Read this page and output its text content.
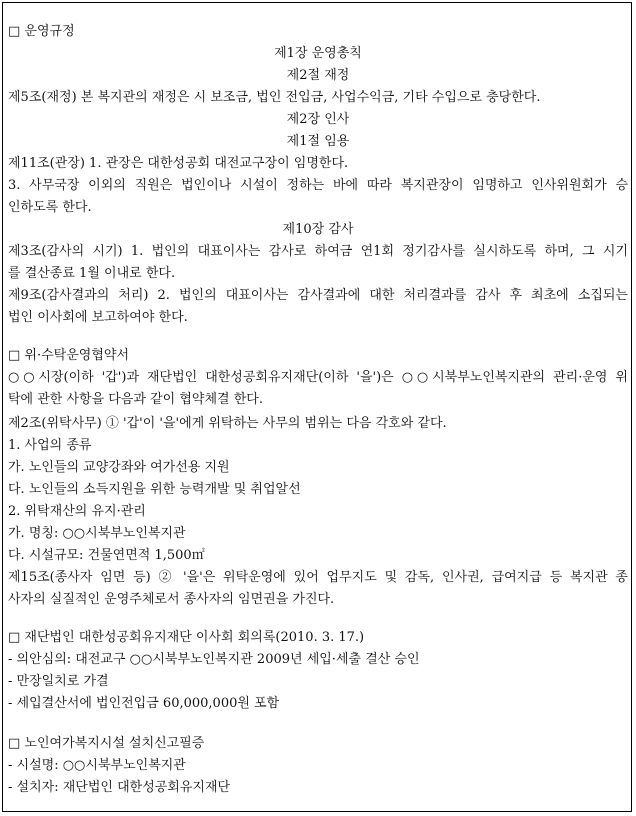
□ 운영규정
제1장 운영총칙
제2절 재정
제5조(재정) 본 복지관의 재정은 시 보조금, 법인 전입금, 사업수익금, 기타 수입으로 충당한다.
제2장 인사
제1절 임용
제11조(관장) 1. 관장은 대한성공회 대전교구장이 임명한다.
3. 사무국장 이외의 직원은 법인이나 시설이 정하는 바에 따라 복지관장이 임명하고 인사위원회가 승
인하도록 한다.
제10장 감사
제3조(감사의 시기) 1. 법인의 대표이사는 감사로 하여금 연1회 정기감사를 실시하도록 하며, 그 시기
를 결산종료 1월 이내로 한다.
제9조(감사결과의 처리) 2. 법인의 대표이사는 감사결과에 대한 처리결과를 감사 후 최초에 소집되는
법인 이사회에 보고하여야 한다.
□ 위·수탁운영협약서
○○시장(이하 '갑')과 재단법인 대한성공회유지재단(이하 '을')은 ○○시북부노인복지관의 관리·운영 위
탁에 관한 사항을 다음과 같이 협약체결 한다.
제2조(위탁사무) ① '갑'이 '을'에게 위탁하는 사무의 범위는 다음 각호와 같다.
1. 사업의 종류
가. 노인들의 교양강좌와 여가선용 지원
다. 노인들의 소득지원을 위한 능력개발 및 취업알선
2. 위탁재산의 유지·관리
가. 명칭: ○○시북부노인복지관
다. 시설규모: 건물연면적 1,500㎡
제15조(종사자 임면 등) ② '을'은 위탁운영에 있어 업무지도 및 감독, 인사권, 급여지급 등 복지관 종
사자의 실질적인 운영주체로서 종사자의 임면권을 가진다.
□ 재단법인 대한성공회유지재단 이사회 회의록(2010. 3. 17.)
- 의안심의: 대전교구 ○○시북부노인복지관 2009년 세입·세출 결산 승인
- 만장일치로 가결
- 세입결산서에 법인전입금 60,000,000원 포함
□ 노인여가복지시설 설치신고필증
- 시설명: ○○시북부노인복지관
- 설치자: 재단법인 대한성공회유지재단
